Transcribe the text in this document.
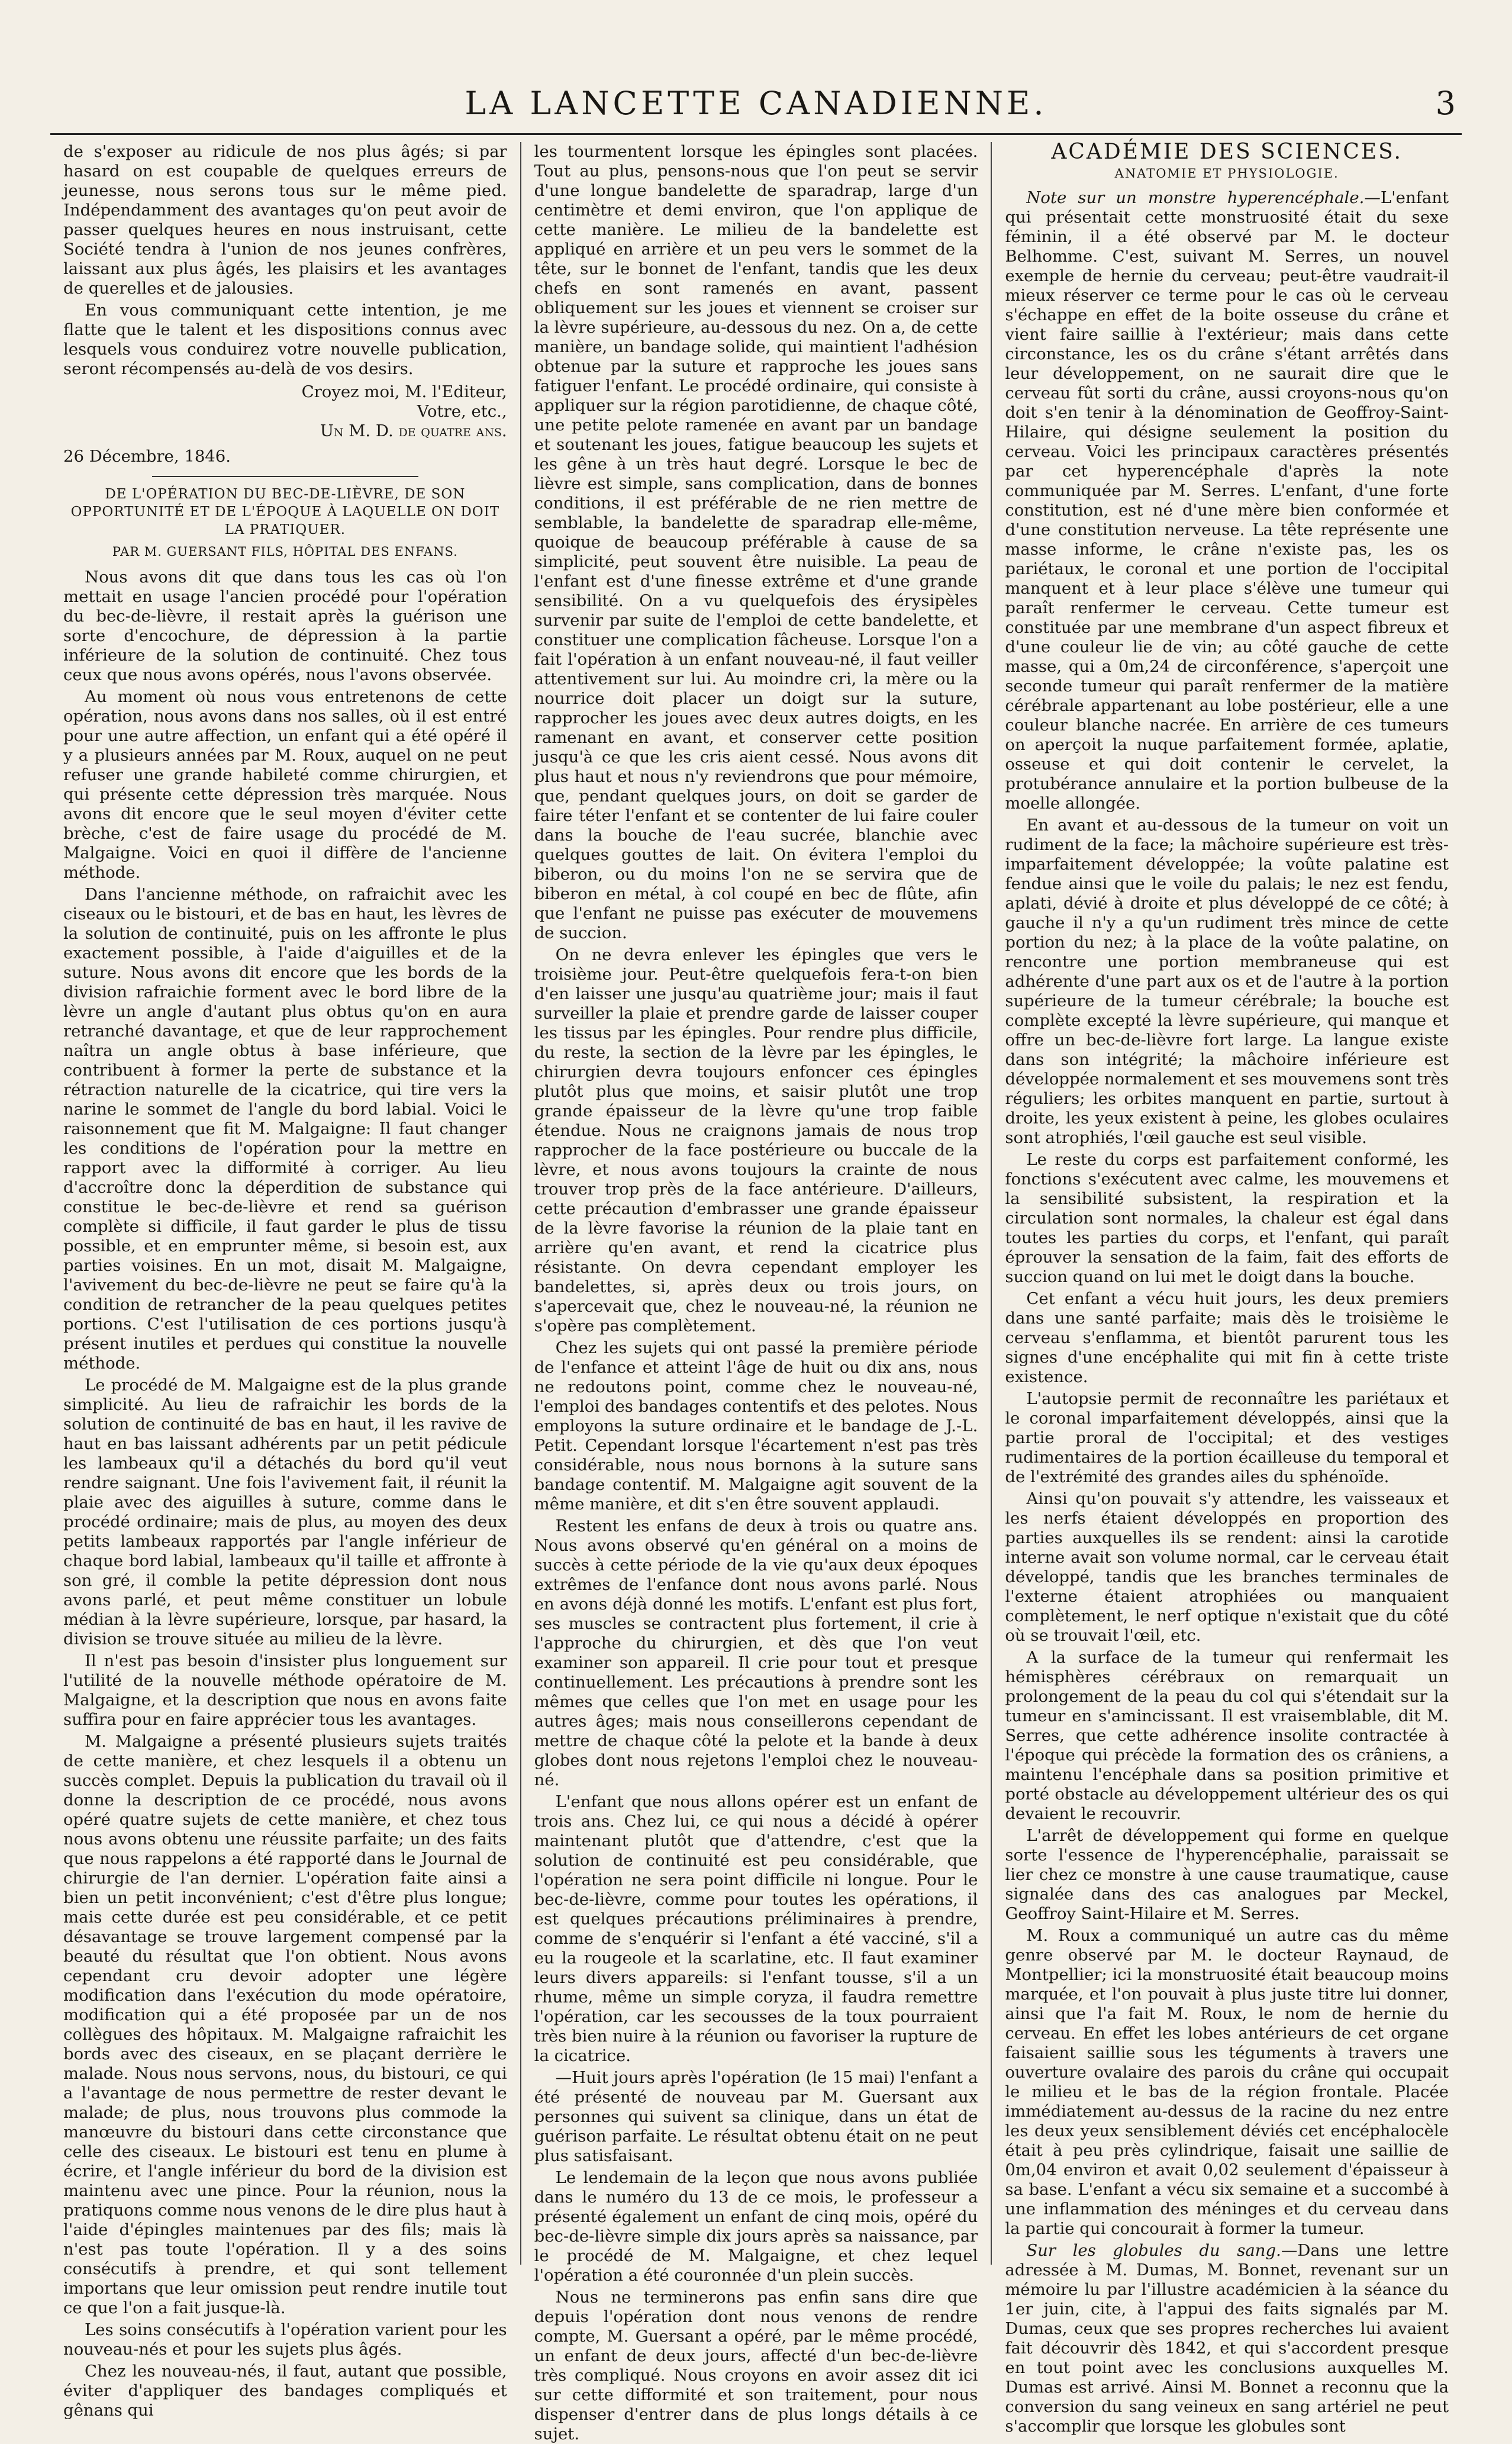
LA LANCETTE CANADIENNE.	3

de s'exposer au ridicule de nos plus âgés; si par hasard on est coupable de quelques erreurs de jeunesse, nous serons tous sur le même pied. Indépendamment des avantages qu'on peut avoir de passer quelques heures en nous instruisant, cette Société tendra à l'union de nos jeunes confrères, laissant aux plus âgés, les plaisirs et les avantages de querelles et de jalousies.

En vous communiquant cette intention, je me flatte que le talent et les dispositions connus avec lesquels vous conduirez votre nouvelle publication, seront récompensés au-delà de vos desirs.

Croyez moi, M. l'Editeur,
Votre, etc.,
Un M. D. de quatre ans.
26 Décembre, 1846.
DE L'OPÉRATION DU BEC-DE-LIÈVRE, DE SON OPPORTUNITÉ ET DE L'ÉPOQUE À LAQUELLE ON DOIT LA PRATIQUER.
PAR M. GUERSANT FILS, HÔPITAL DES ENFANS.

Nous avons dit que dans tous les cas où l'on mettait en usage l'ancien procédé pour l'opération du bec-de-lièvre, il restait après la guérison une sorte d'encochure, de dépression à la partie inférieure de la solution de continuité. Chez tous ceux que nous avons opérés, nous l'avons observée.

Au moment où nous vous entretenons de cette opération, nous avons dans nos salles, où il est entré pour une autre affection, un enfant qui a été opéré il y a plusieurs années par M. Roux, auquel on ne peut refuser une grande habileté comme chirurgien, et qui présente cette dépression très marquée. Nous avons dit encore que le seul moyen d'éviter cette brèche, c'est de faire usage du procédé de M. Malgaigne. Voici en quoi il diffère de l'ancienne méthode.

Dans l'ancienne méthode, on rafraichit avec les ciseaux ou le bistouri, et de bas en haut, les lèvres de la solution de continuité, puis on les affronte le plus exactement possible, à l'aide d'aiguilles et de la suture. Nous avons dit encore que les bords de la division rafraichie forment avec le bord libre de la lèvre un angle d'autant plus obtus qu'on en aura retranché davantage, et que de leur rapprochement naîtra un angle obtus à base inférieure, que contribuent à former la perte de substance et la rétraction naturelle de la cicatrice, qui tire vers la narine le sommet de l'angle du bord labial. Voici le raisonnement que fit M. Malgaigne: Il faut changer les conditions de l'opération pour la mettre en rapport avec la difformité à corriger. Au lieu d'accroître donc la déperdition de substance qui constitue le bec-de-lièvre et rend sa guérison complète si difficile, il faut garder le plus de tissu possible, et en emprunter même, si besoin est, aux parties voisines. En un mot, disait M. Malgaigne, l'avivement du bec-de-lièvre ne peut se faire qu'à la condition de retrancher de la peau quelques petites portions. C'est l'utilisation de ces portions jusqu'à présent inutiles et perdues qui constitue la nouvelle méthode.

Le procédé de M. Malgaigne est de la plus grande simplicité. Au lieu de rafraichir les bords de la solution de continuité de bas en haut, il les ravive de haut en bas laissant adhérents par un petit pédicule les lambeaux qu'il a détachés du bord qu'il veut rendre saignant. Une fois l'avivement fait, il réunit la plaie avec des aiguilles à suture, comme dans le procédé ordinaire; mais de plus, au moyen des deux petits lambeaux rapportés par l'angle inférieur de chaque bord labial, lambeaux qu'il taille et affronte à son gré, il comble la petite dépression dont nous avons parlé, et peut même constituer un lobule médian à la lèvre supérieure, lorsque, par hasard, la division se trouve située au milieu de la lèvre.

Il n'est pas besoin d'insister plus longuement sur l'utilité de la nouvelle méthode opératoire de M. Malgaigne, et la description que nous en avons faite suffira pour en faire apprécier tous les avantages.

M. Malgaigne a présenté plusieurs sujets traités de cette manière, et chez lesquels il a obtenu un succès complet. Depuis la publication du travail où il donne la description de ce procédé, nous avons opéré quatre sujets de cette manière, et chez tous nous avons obtenu une réussite parfaite; un des faits que nous rappelons a été rapporté dans le Journal de chirurgie de l'an dernier. L'opération faite ainsi a bien un petit inconvénient; c'est d'être plus longue; mais cette durée est peu considérable, et ce petit désavantage se trouve largement compensé par la beauté du résultat que l'on obtient. Nous avons cependant cru devoir adopter une légère modification dans l'exécution du mode opératoire, modification qui a été proposée par un de nos collègues des hôpitaux. M. Malgaigne rafraichit les bords avec des ciseaux, en se plaçant derrière le malade. Nous nous servons, nous, du bistouri, ce qui a l'avantage de nous permettre de rester devant le malade; de plus, nous trouvons plus commode la manœuvre du bistouri dans cette circonstance que celle des ciseaux. Le bistouri est tenu en plume à écrire, et l'angle inférieur du bord de la division est maintenu avec une pince. Pour la réunion, nous la pratiquons comme nous venons de le dire plus haut à l'aide d'épingles maintenues par des fils; mais là n'est pas toute l'opération. Il y a des soins consécutifs à prendre, et qui sont tellement importans que leur omission peut rendre inutile tout ce que l'on a fait jusque-là.

Les soins consécutifs à l'opération varient pour les nouveau-nés et pour les sujets plus âgés.

Chez les nouveau-nés, il faut, autant que possible, éviter d'appliquer des bandages compliqués et gênans qui

les tourmentent lorsque les épingles sont placées. Tout au plus, pensons-nous que l'on peut se servir d'une longue bandelette de sparadrap, large d'un centimètre et demi environ, que l'on applique de cette manière. Le milieu de la bandelette est appliqué en arrière et un peu vers le sommet de la tête, sur le bonnet de l'enfant, tandis que les deux chefs en sont ramenés en avant, passent obliquement sur les joues et viennent se croiser sur la lèvre supérieure, au-dessous du nez. On a, de cette manière, un bandage solide, qui maintient l'adhésion obtenue par la suture et rapproche les joues sans fatiguer l'enfant. Le procédé ordinaire, qui consiste à appliquer sur la région parotidienne, de chaque côté, une petite pelote ramenée en avant par un bandage et soutenant les joues, fatigue beaucoup les sujets et les gêne à un très haut degré. Lorsque le bec de lièvre est simple, sans complication, dans de bonnes conditions, il est préférable de ne rien mettre de semblable, la bandelette de sparadrap elle-même, quoique de beaucoup préférable à cause de sa simplicité, peut souvent être nuisible. La peau de l'enfant est d'une finesse extrême et d'une grande sensibilité. On a vu quelquefois des érysipèles survenir par suite de l'emploi de cette bandelette, et constituer une complication fâcheuse. Lorsque l'on a fait l'opération à un enfant nouveau-né, il faut veiller attentivement sur lui. Au moindre cri, la mère ou la nourrice doit placer un doigt sur la suture, rapprocher les joues avec deux autres doigts, en les ramenant en avant, et conserver cette position jusqu'à ce que les cris aient cessé. Nous avons dit plus haut et nous n'y reviendrons que pour mémoire, que, pendant quelques jours, on doit se garder de faire téter l'enfant et se contenter de lui faire couler dans la bouche de l'eau sucrée, blanchie avec quelques gouttes de lait. On évitera l'emploi du biberon, ou du moins l'on ne se servira que de biberon en métal, à col coupé en bec de flûte, afin que l'enfant ne puisse pas exécuter de mouvemens de succion.

On ne devra enlever les épingles que vers le troisième jour. Peut-être quelquefois fera-t-on bien d'en laisser une jusqu'au quatrième jour; mais il faut surveiller la plaie et prendre garde de laisser couper les tissus par les épingles. Pour rendre plus difficile, du reste, la section de la lèvre par les épingles, le chirurgien devra toujours enfoncer ces épingles plutôt plus que moins, et saisir plutôt une trop grande épaisseur de la lèvre qu'une trop faible étendue. Nous ne craignons jamais de nous trop rapprocher de la face postérieure ou buccale de la lèvre, et nous avons toujours la crainte de nous trouver trop près de la face antérieure. D'ailleurs, cette précaution d'embrasser une grande épaisseur de la lèvre favorise la réunion de la plaie tant en arrière qu'en avant, et rend la cicatrice plus résistante. On devra cependant employer les bandelettes, si, après deux ou trois jours, on s'apercevait que, chez le nouveau-né, la réunion ne s'opère pas complètement.

Chez les sujets qui ont passé la première période de l'enfance et atteint l'âge de huit ou dix ans, nous ne redoutons point, comme chez le nouveau-né, l'emploi des bandages contentifs et des pelotes. Nous employons la suture ordinaire et le bandage de J.-L. Petit. Cependant lorsque l'écartement n'est pas très considérable, nous nous bornons à la suture sans bandage contentif. M. Malgaigne agit souvent de la même manière, et dit s'en être souvent applaudi.

Restent les enfans de deux à trois ou quatre ans. Nous avons observé qu'en général on a moins de succès à cette période de la vie qu'aux deux époques extrêmes de l'enfance dont nous avons parlé. Nous en avons déjà donné les motifs. L'enfant est plus fort, ses muscles se contractent plus fortement, il crie à l'approche du chirurgien, et dès que l'on veut examiner son appareil. Il crie pour tout et presque continuellement. Les précautions à prendre sont les mêmes que celles que l'on met en usage pour les autres âges; mais nous conseillerons cependant de mettre de chaque côté la pelote et la bande à deux globes dont nous rejetons l'emploi chez le nouveau-né.

L'enfant que nous allons opérer est un enfant de trois ans. Chez lui, ce qui nous a décidé à opérer maintenant plutôt que d'attendre, c'est que la solution de continuité est peu considérable, que l'opération ne sera point difficile ni longue. Pour le bec-de-lièvre, comme pour toutes les opérations, il est quelques précautions préliminaires à prendre, comme de s'enquérir si l'enfant a été vacciné, s'il a eu la rougeole et la scarlatine, etc. Il faut examiner leurs divers appareils: si l'enfant tousse, s'il a un rhume, même un simple coryza, il faudra remettre l'opération, car les secousses de la toux pourraient très bien nuire à la réunion ou favoriser la rupture de la cicatrice.

—Huit jours après l'opération (le 15 mai) l'enfant a été présenté de nouveau par M. Guersant aux personnes qui suivent sa clinique, dans un état de guérison parfaite. Le résultat obtenu était on ne peut plus satisfaisant.

Le lendemain de la leçon que nous avons publiée dans le numéro du 13 de ce mois, le professeur a présenté également un enfant de cinq mois, opéré du bec-de-lièvre simple dix jours après sa naissance, par le procédé de M. Malgaigne, et chez lequel l'opération a été couronnée d'un plein succès.

Nous ne terminerons pas enfin sans dire que depuis l'opération dont nous venons de rendre compte, M. Guersant a opéré, par le même procédé, un enfant de deux jours, affecté d'un bec-de-lièvre très compliqué. Nous croyons en avoir assez dit ici sur cette difformité et son traitement, pour nous dispenser d'entrer dans de plus longs détails à ce sujet.

ACADÉMIE DES SCIENCES.
ANATOMIE ET PHYSIOLOGIE.

Note sur un monstre hyperencéphale.—L'enfant qui présentait cette monstruosité était du sexe féminin, il a été observé par M. le docteur Belhomme. C'est, suivant M. Serres, un nouvel exemple de hernie du cerveau; peut-être vaudrait-il mieux réserver ce terme pour le cas où le cerveau s'échappe en effet de la boite osseuse du crâne et vient faire saillie à l'extérieur; mais dans cette circonstance, les os du crâne s'étant arrêtés dans leur développement, on ne saurait dire que le cerveau fût sorti du crâne, aussi croyons-nous qu'on doit s'en tenir à la dénomination de Geoffroy-Saint-Hilaire, qui désigne seulement la position du cerveau. Voici les principaux caractères présentés par cet hyperencéphale d'après la note communiquée par M. Serres. L'enfant, d'une forte constitution, est né d'une mère bien conformée et d'une constitution nerveuse. La tête représente une masse informe, le crâne n'existe pas, les os pariétaux, le coronal et une portion de l'occipital manquent et à leur place s'élève une tumeur qui paraît renfermer le cerveau. Cette tumeur est constituée par une membrane d'un aspect fibreux et d'une couleur lie de vin; au côté gauche de cette masse, qui a 0m,24 de circonférence, s'aperçoit une seconde tumeur qui paraît renfermer de la matière cérébrale appartenant au lobe postérieur, elle a une couleur blanche nacrée. En arrière de ces tumeurs on aperçoit la nuque parfaitement formée, aplatie, osseuse et qui doit contenir le cervelet, la protubérance annulaire et la portion bulbeuse de la moelle allongée.

En avant et au-dessous de la tumeur on voit un rudiment de la face; la mâchoire supérieure est très-imparfaitement développée; la voûte palatine est fendue ainsi que le voile du palais; le nez est fendu, aplati, dévié à droite et plus développé de ce côté; à gauche il n'y a qu'un rudiment très mince de cette portion du nez; à la place de la voûte palatine, on rencontre une portion membraneuse qui est adhérente d'une part aux os et de l'autre à la portion supérieure de la tumeur cérébrale; la bouche est complète excepté la lèvre supérieure, qui manque et offre un bec-de-lièvre fort large. La langue existe dans son intégrité; la mâchoire inférieure est développée normalement et ses mouvemens sont très réguliers; les orbites manquent en partie, surtout à droite, les yeux existent à peine, les globes oculaires sont atrophiés, l'œil gauche est seul visible.

Le reste du corps est parfaitement conformé, les fonctions s'exécutent avec calme, les mouvemens et la sensibilité subsistent, la respiration et la circulation sont normales, la chaleur est égal dans toutes les parties du corps, et l'enfant, qui paraît éprouver la sensation de la faim, fait des efforts de succion quand on lui met le doigt dans la bouche.

Cet enfant a vécu huit jours, les deux premiers dans une santé parfaite; mais dès le troisième le cerveau s'enflamma, et bientôt parurent tous les signes d'une encéphalite qui mit fin à cette triste existence.

L'autopsie permit de reconnaître les pariétaux et le coronal imparfaitement développés, ainsi que la partie proral de l'occipital; et des vestiges rudimentaires de la portion écailleuse du temporal et de l'extrémité des grandes ailes du sphénoïde.

Ainsi qu'on pouvait s'y attendre, les vaisseaux et les nerfs étaient développés en proportion des parties auxquelles ils se rendent: ainsi la carotide interne avait son volume normal, car le cerveau était développé, tandis que les branches terminales de l'externe étaient atrophiées ou manquaient complètement, le nerf optique n'existait que du côté où se trouvait l'œil, etc.

A la surface de la tumeur qui renfermait les hémisphères cérébraux on remarquait un prolongement de la peau du col qui s'étendait sur la tumeur en s'amincissant. Il est vraisemblable, dit M. Serres, que cette adhérence insolite contractée à l'époque qui précède la formation des os crâniens, a maintenu l'encéphale dans sa position primitive et porté obstacle au développement ultérieur des os qui devaient le recouvrir.

L'arrêt de développement qui forme en quelque sorte l'essence de l'hyperencéphalie, paraissait se lier chez ce monstre à une cause traumatique, cause signalée dans des cas analogues par Meckel, Geoffroy Saint-Hilaire et M. Serres.

M. Roux a communiqué un autre cas du même genre observé par M. le docteur Raynaud, de Montpellier; ici la monstruosité était beaucoup moins marquée, et l'on pouvait à plus juste titre lui donner, ainsi que l'a fait M. Roux, le nom de hernie du cerveau. En effet les lobes antérieurs de cet organe faisaient saillie sous les téguments à travers une ouverture ovalaire des parois du crâne qui occupait le milieu et le bas de la région frontale. Placée immédiatement au-dessus de la racine du nez entre les deux yeux sensiblement déviés cet encéphalocèle était à peu près cylindrique, faisait une saillie de 0m,04 environ et avait 0,02 seulement d'épaisseur à sa base. L'enfant a vécu six semaine et a succombé à une inflammation des méninges et du cerveau dans la partie qui concourait à former la tumeur.

Sur les globules du sang.—Dans une lettre adressée à M. Dumas, M. Bonnet, revenant sur un mémoire lu par l'illustre académicien à la séance du 1er juin, cite, à l'appui des faits signalés par M. Dumas, ceux que ses propres recherches lui avaient fait découvrir dès 1842, et qui s'accordent presque en tout point avec les conclusions auxquelles M. Dumas est arrivé. Ainsi M. Bonnet a reconnu que la conversion du sang veineux en sang artériel ne peut s'accomplir que lorsque les globules sont
